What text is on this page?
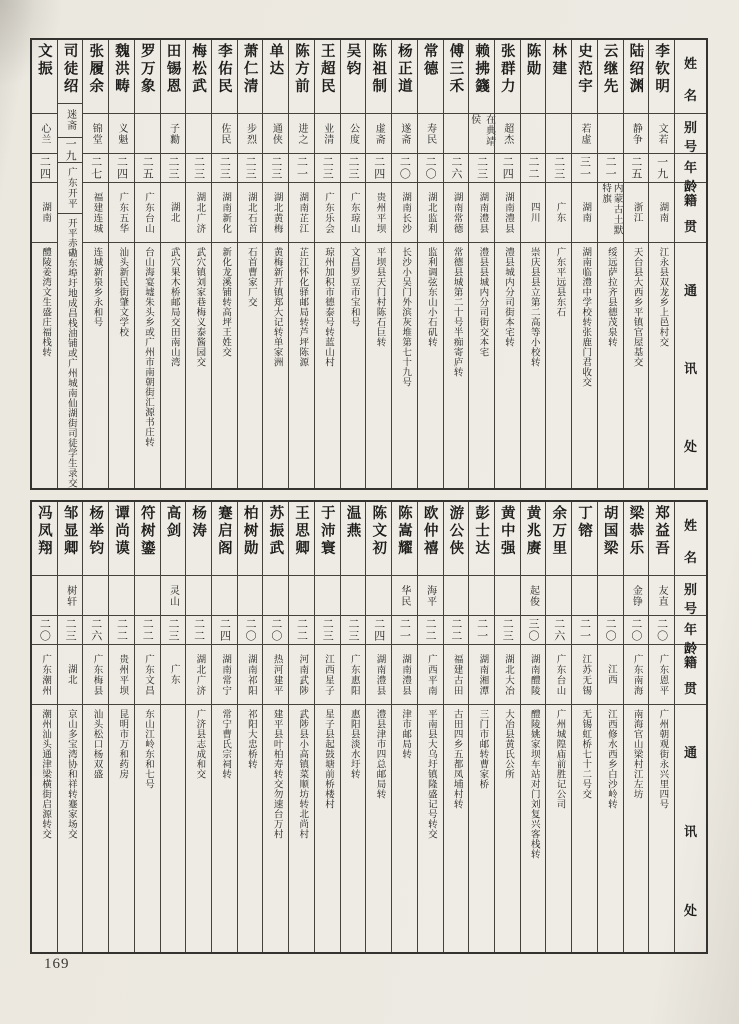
文振
心兰
二四
湖南
醴陵姜湾文生盛庄福栈转
司徒绍
迷斋
一九
广东开平
开平赤磡东埠圩地成昌栈油铺或广州城南仙湖街司徒学生录交
张履余
锦堂
二七
福建连城
连城新泉乡永和号
魏洪畴
义魁
二四
广东五华
汕头新民街肇文学校
罗万象
二五
广东台山
台山海宴墟朱头乡或广州市南朝街汇源书庄转
田锡恩
子勷
二三
湖北
武穴果木桥邮局交田南山湾
梅松武
二三
湖北广济
武穴镇刘家巷梅义泰酱园交
李佑民
佐民
二三
湖南新化
新化龙溪铺转高坪王姓交
萧仁清
步烈
二三
湖北石首
石首曹家厂交
单达
通侠
二三
湖北黄梅
黄梅新开镇郑大记转单家洲
陈方前
进之
二一
湖南芷江
芷江怀化驿邮局转芦坪陈源
王超民
业清
二三
广东乐会
琼州加积市德泰号转蓝山村
吴钧
公度
二三
广东琼山
文昌罗豆市宝和号
陈祖制
虚斋
二四
贵州平坝
平坝县天门村陈石巨转
杨正道
遂斋
二〇
湖南长沙
长沙小吴门外滨灰堆第七十九号
常德
寿民
二〇
湖北监利
监利调弦东山小石矶转
傅三禾
二六
湖南常德
常德县城第二十号半痴寄庐转
赖拂籛
在典靖侯
二三
湖南澧县
澧县县城内分司街交本宅
张群力
超杰
二四
湖南澧县
澧县城内分司街本宅转
陈勋
二二
四川
崇庆县县立第二高等小校转
林建
二三
广东
广东平远县东石
史范宇
若虚
三一
湖南
湖南临澧中学校转张鹿门君收交
云继先
二一
内蒙古土默特旗
绥远萨拉齐县德茂泉转
陆绍渊
静争
二五
浙江
天台县大西乡平镇官屋基交
李钦明
文若
一九
湖南
江永县双龙乡上邑村交
姓
名
别
号
年
龄
籍
贯
通
讯
处
冯凤翔
二〇
广东潮州
潮州汕头通津梁横街启源转交
邹显卿
树轩
二三
湖北
京山多宝湾协和祥转蹇家场交
杨举钧
二六
广东梅县
汕头松口杨双盛
谭尚谟
二二
贵州平坝
昆明市万和药房
符树鎏
二二
广东文昌
东山江岭东和七号
高剑
灵山
二三
广东
杨涛
二二
湖北广济
广济县志成和交
蹇启阁
二四
湖南常宁
常宁曹氏宗祠转
柏树勋
二〇
湖南祁阳
祁阳大忠桥转
苏振武
二〇
热河建平
建平县叶柏寿转交勿速台万村
王思卿
二二
河南武陟
武陟县小高镇菜顺坊转北尚村
于沛寰
二三
江西星子
星子县起鼓塘前桥楼村
温燕
二三
广东惠阳
惠阳县淡水圩转
陈文初
二四
湖南澧县
澧县津市四总邮局转
陈嵩耀
华民
二一
湖南澧县
津市邮局转
欧仲禧
海平
二二
广西平南
平南县大乌圩镇隆盛记号转交
游公侠
二二
福建古田
古田四乡五都凤埔村转
彭士达
二一
湖南湘潭
三门市邮转曹家桥
黄中强
二三
湖北大冶
大冶县黄氏公所
黄兆赓
起俊
三〇
湖南醴陵
醴陵姚家坝车站对门刘复兴客栈转
余万里
二六
广东台山
广州城隍庙前胜记公司
丁镕
二一
江苏无锡
无锡虹桥七十二号交
胡国梁
二〇
江西
江西修水西乡白沙岭转
梁恭乐
金铮
二〇
广东南海
南海官山梁村江左坊
郑益吾
友直
二〇
广东恩平
广州朝观街永兴里四号
姓
名
别
号
年
龄
籍
贯
通
讯
处
169
